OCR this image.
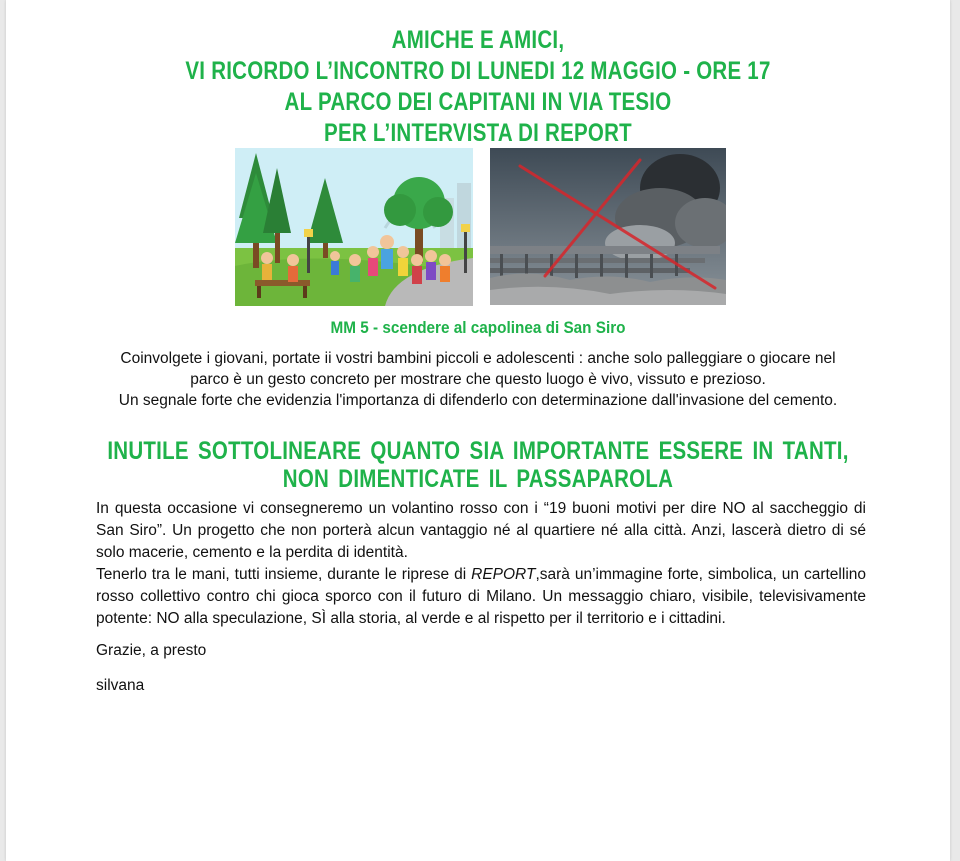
AMICHE E AMICI,
VI RICORDO L’INCONTRO DI LUNEDI 12 MAGGIO - ORE 17
AL PARCO DEI CAPITANI IN VIA TESIO
PER L’INTERVISTA DI REPORT
MM 5 - scendere al capolinea di San Siro
Coinvolgete i giovani, portate ii vostri bambini piccoli e adolescenti : anche solo palleggiare o giocare nel
parco è un gesto concreto per mostrare che questo luogo è vivo, vissuto e prezioso.
Un segnale forte che evidenzia l'importanza di difenderlo con determinazione dall'invasione del cemento.
INUTILE SOTTOLINEARE QUANTO SIA IMPORTANTE ESSERE IN TANTI,
NON DIMENTICATE IL PASSAPAROLA

In questa occasione vi consegneremo un volantino rosso con i “19 buoni motivi per dire NO al saccheggio di San Siro”. Un progetto che non porterà alcun vantaggio né al quartiere né alla città. Anzi, lascerà dietro di sé solo macerie, cemento e la perdita di identità.

Tenerlo tra le mani, tutti insieme, durante le riprese di REPORT,sarà un’immagine forte, simbolica, un cartellino rosso collettivo contro chi gioca sporco con il futuro di Milano. Un messaggio chiaro, visibile, televisivamente potente: NO alla speculazione, SÌ alla storia, al verde e al rispetto per il territorio e i cittadini.

Grazie, a presto
silvana
